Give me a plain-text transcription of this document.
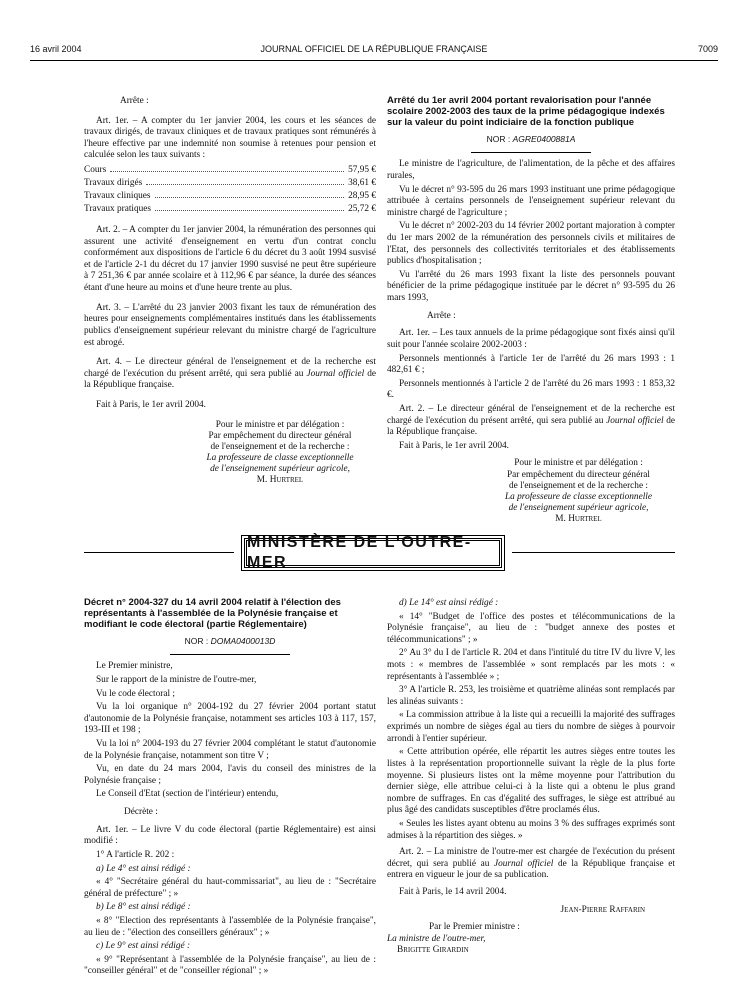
16 avril 2004	JOURNAL OFFICIEL DE LA RÉPUBLIQUE FRANÇAISE	7009

Arrête :

Art. 1er. – A compter du 1er janvier 2004, les cours et les séances de travaux dirigés, de travaux cliniques et de travaux pratiques sont rémunérés à l'heure effective par une indemnité non soumise à retenues pour pension et calculée selon les taux suivants :

Cours	57,95 €
Travaux dirigés	38,61 €
Travaux cliniques	28,95 €
Travaux pratiques	25,72 €

Art. 2. – A compter du 1er janvier 2004, la rémunération des personnes qui assurent une activité d'enseignement en vertu d'un contrat conclu conformément aux dispositions de l'article 6 du décret du 3 août 1994 susvisé et de l'article 2-1 du décret du 17 janvier 1990 susvisé ne peut être supérieure à 7 251,36 € par année scolaire et à 112,96 € par séance, la durée des séances étant d'une heure au moins et d'une heure trente au plus.

Art. 3. – L'arrêté du 23 janvier 2003 fixant les taux de rémunération des heures pour enseignements complémentaires institués dans les établissements publics d'enseignement supérieur relevant du ministre chargé de l'agriculture est abrogé.

Art. 4. – Le directeur général de l'enseignement et de la recherche est chargé de l'exécution du présent arrêté, qui sera publié au Journal officiel de la République française.

Fait à Paris, le 1er avril 2004.

Pour le ministre et par délégation :
Par empêchement du directeur général
de l'enseignement et de la recherche :
La professeure de classe exceptionnelle
de l'enseignement supérieur agricole,
M. Hurtrel
Arrêté du 1er avril 2004 portant revalorisation pour l'année scolaire 2002-2003 des taux de la prime pédagogique indexés sur la valeur du point indiciaire de la fonction publique
NOR : AGRE0400881A

Le ministre de l'agriculture, de l'alimentation, de la pêche et des affaires rurales,

Vu le décret n° 93-595 du 26 mars 1993 instituant une prime pédagogique attribuée à certains personnels de l'enseignement supérieur relevant du ministre chargé de l'agriculture ;

Vu le décret n° 2002-203 du 14 février 2002 portant majoration à compter du 1er mars 2002 de la rémunération des personnels civils et militaires de l'Etat, des personnels des collectivités territoriales et des établissements publics d'hospitalisation ;

Vu l'arrêté du 26 mars 1993 fixant la liste des personnels pouvant bénéficier de la prime pédagogique instituée par le décret n° 93-595 du 26 mars 1993,

Arrête :

Art. 1er. – Les taux annuels de la prime pédagogique sont fixés ainsi qu'il suit pour l'année scolaire 2002-2003 :

Personnels mentionnés à l'article 1er de l'arrêté du 26 mars 1993 : 1 482,61 € ;

Personnels mentionnés à l'article 2 de l'arrêté du 26 mars 1993 : 1 853,32 €.

Art. 2. – Le directeur général de l'enseignement et de la recherche est chargé de l'exécution du présent arrêté, qui sera publié au Journal officiel de la République française.

Fait à Paris, le 1er avril 2004.

Pour le ministre et par délégation :
Par empêchement du directeur général
de l'enseignement et de la recherche :
La professeure de classe exceptionnelle
de l'enseignement supérieur agricole,
M. Hurtrel
MINISTÈRE DE L'OUTRE-MER
Décret n° 2004-327 du 14 avril 2004 relatif à l'élection des représentants à l'assemblée de la Polynésie française et modifiant le code électoral (partie Réglementaire)
NOR : DOMA0400013D

Le Premier ministre,

Sur le rapport de la ministre de l'outre-mer,

Vu le code électoral ;

Vu la loi organique n° 2004-192 du 27 février 2004 portant statut d'autonomie de la Polynésie française, notamment ses articles 103 à 117, 157, 193-III et 198 ;

Vu la loi n° 2004-193 du 27 février 2004 complétant le statut d'autonomie de la Polynésie française, notamment son titre V ;

Vu, en date du 24 mars 2004, l'avis du conseil des ministres de la Polynésie française ;

Le Conseil d'Etat (section de l'intérieur) entendu,

Décrète :

Art. 1er. – Le livre V du code électoral (partie Réglementaire) est ainsi modifié :

1° A l'article R. 202 :

a) Le 4° est ainsi rédigé :

« 4° "Secrétaire général du haut-commissariat", au lieu de : "Secrétaire général de préfecture" ; »

b) Le 8° est ainsi rédigé :

« 8° "Election des représentants à l'assemblée de la Polynésie française", au lieu de : "élection des conseillers généraux" ; »

c) Le 9° est ainsi rédigé :

« 9° "Représentant à l'assemblée de la Polynésie française", au lieu de : "conseiller général" et de "conseiller régional" ; »

d) Le 14° est ainsi rédigé :

« 14° "Budget de l'office des postes et télécommunications de la Polynésie française", au lieu de : "budget annexe des postes et télécommunications" ; »

2° Au 3° du I de l'article R. 204 et dans l'intitulé du titre IV du livre V, les mots : « membres de l'assemblée » sont remplacés par les mots : « représentants à l'assemblée » ;

3° A l'article R. 253, les troisième et quatrième alinéas sont remplacés par les alinéas suivants :

« La commission attribue à la liste qui a recueilli la majorité des suffrages exprimés un nombre de sièges égal au tiers du nombre de sièges à pourvoir arrondi à l'entier supérieur.

« Cette attribution opérée, elle répartit les autres sièges entre toutes les listes à la représentation proportionnelle suivant la règle de la plus forte moyenne. Si plusieurs listes ont la même moyenne pour l'attribution du dernier siège, elle attribue celui-ci à la liste qui a obtenu le plus grand nombre de suffrages. En cas d'égalité des suffrages, le siège est attribué au plus âgé des candidats susceptibles d'être proclamés élus.

« Seules les listes ayant obtenu au moins 3 % des suffrages exprimés sont admises à la répartition des sièges. »

Art. 2. – La ministre de l'outre-mer est chargée de l'exécution du présent décret, qui sera publié au Journal officiel de la République française et entrera en vigueur le jour de sa publication.

Fait à Paris, le 14 avril 2004.

Jean-Pierre Raffarin
Par le Premier ministre :
La ministre de l'outre-mer,
Brigitte Girardin
